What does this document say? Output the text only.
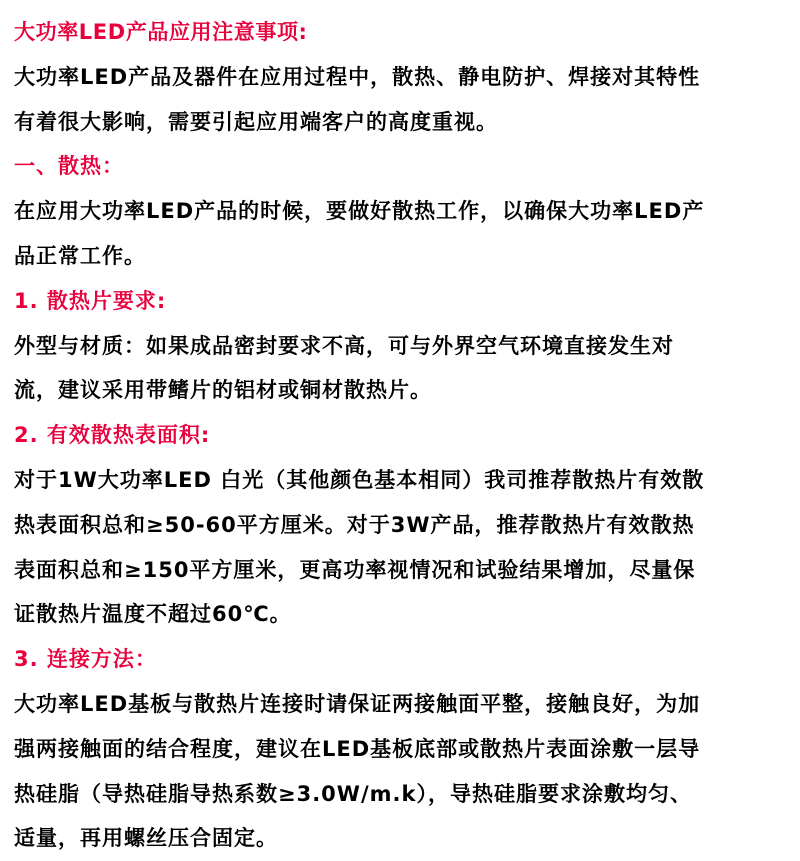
大功率LED产品应用注意事项:
大功率LED产品及器件在应用过程中，散热、静电防护、焊接对其特性
有着很大影响，需要引起应用端客户的高度重视。
一、散热：
在应用大功率LED产品的时候，要做好散热工作，以确保大功率LED产
品正常工作。
1. 散热片要求:
外型与材质：如果成品密封要求不高，可与外界空气环境直接发生对
流，建议采用带鳍片的铝材或铜材散热片。
2. 有效散热表面积:
对于1W大功率LED 白光（其他颜色基本相同）我司推荐散热片有效散
热表面积总和≥50-60平方厘米。对于3W产品，推荐散热片有效散热
表面积总和≥150平方厘米，更高功率视情况和试验结果增加，尽量保
证散热片温度不超过60℃。
3. 连接方法：
大功率LED基板与散热片连接时请保证两接触面平整，接触良好，为加
强两接触面的结合程度，建议在LED基板底部或散热片表面涂敷一层导
热硅脂（导热硅脂导热系数≥3.0W/m.k），导热硅脂要求涂敷均匀、
适量，再用螺丝压合固定。
